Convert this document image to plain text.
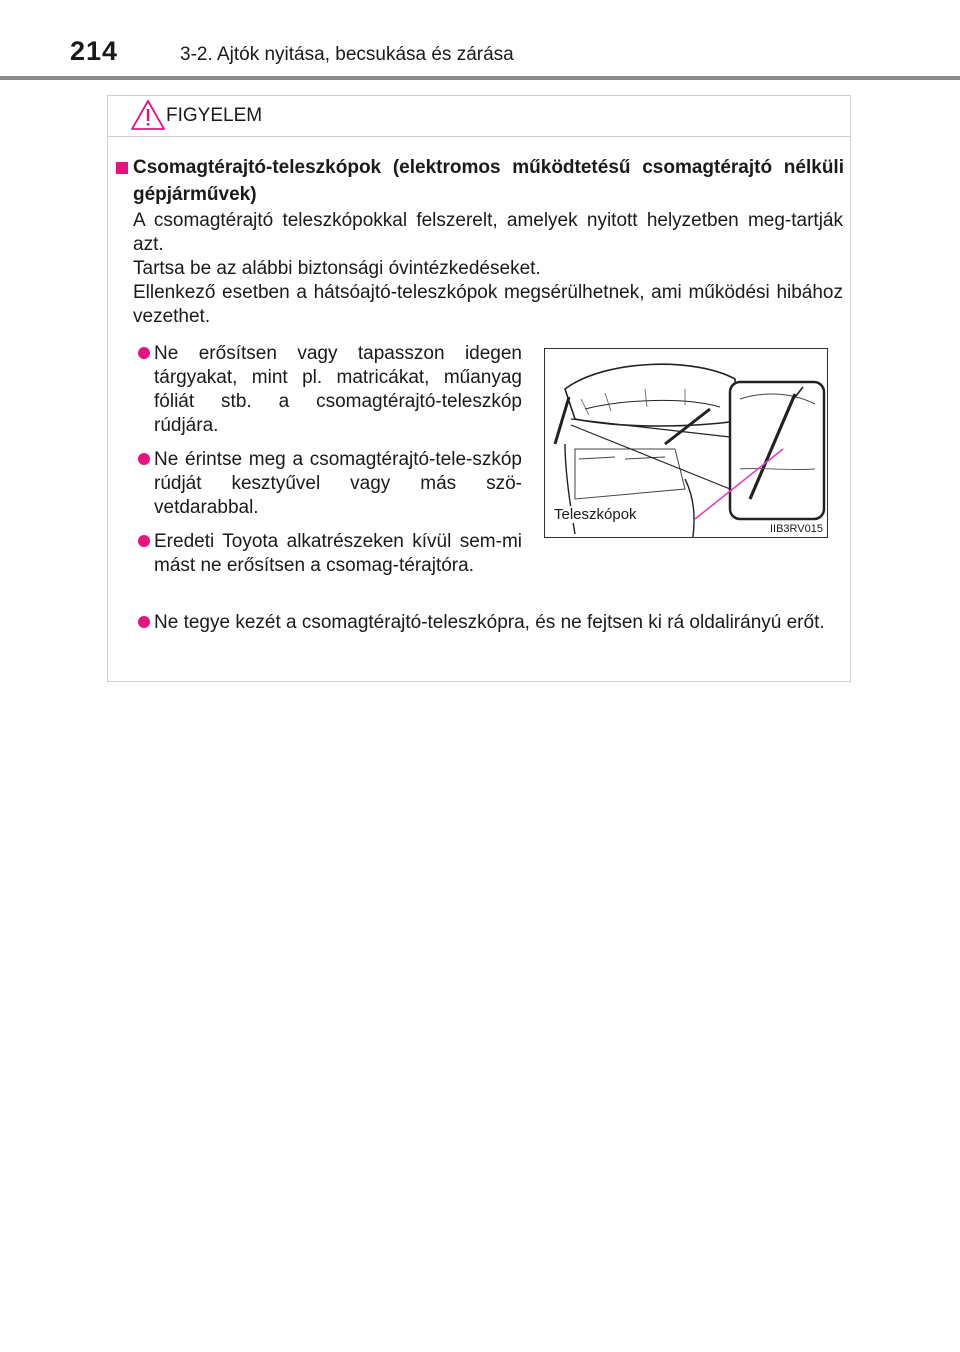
214	3-2. Ajtók nyitása, becsukása és zárása
FIGYELEM
Csomagtérajtó-teleszkópok (elektromos működtetésű csomagtérajtó nélküli gépjárművek)

A csomagtérajtó teleszkópokkal felszerelt, amelyek nyitott helyzetben meg-tartják azt.

Tartsa be az alábbi biztonsági óvintézkedéseket.

Ellenkező esetben a hátsóajtó-teleszkópok megsérülhetnek, ami működési hibához vezethet.

Ne erősítsen vagy tapasszon idegen tárgyakat, mint pl. matricákat, műanyag fóliát stb. a csomagtérajtó-teleszkóp rúdjára.
Ne érintse meg a csomagtérajtó-tele-szkóp rúdját kesztyűvel vagy más szö-vetdarabbal.
Eredeti Toyota alkatrészeken kívül sem-mi mást ne erősítsen a csomag-térajtóra.
Teleszkópok
IIB3RV015
Ne tegye kezét a csomagtérajtó-teleszkópra, és ne fejtsen ki rá oldalirányú erőt.
